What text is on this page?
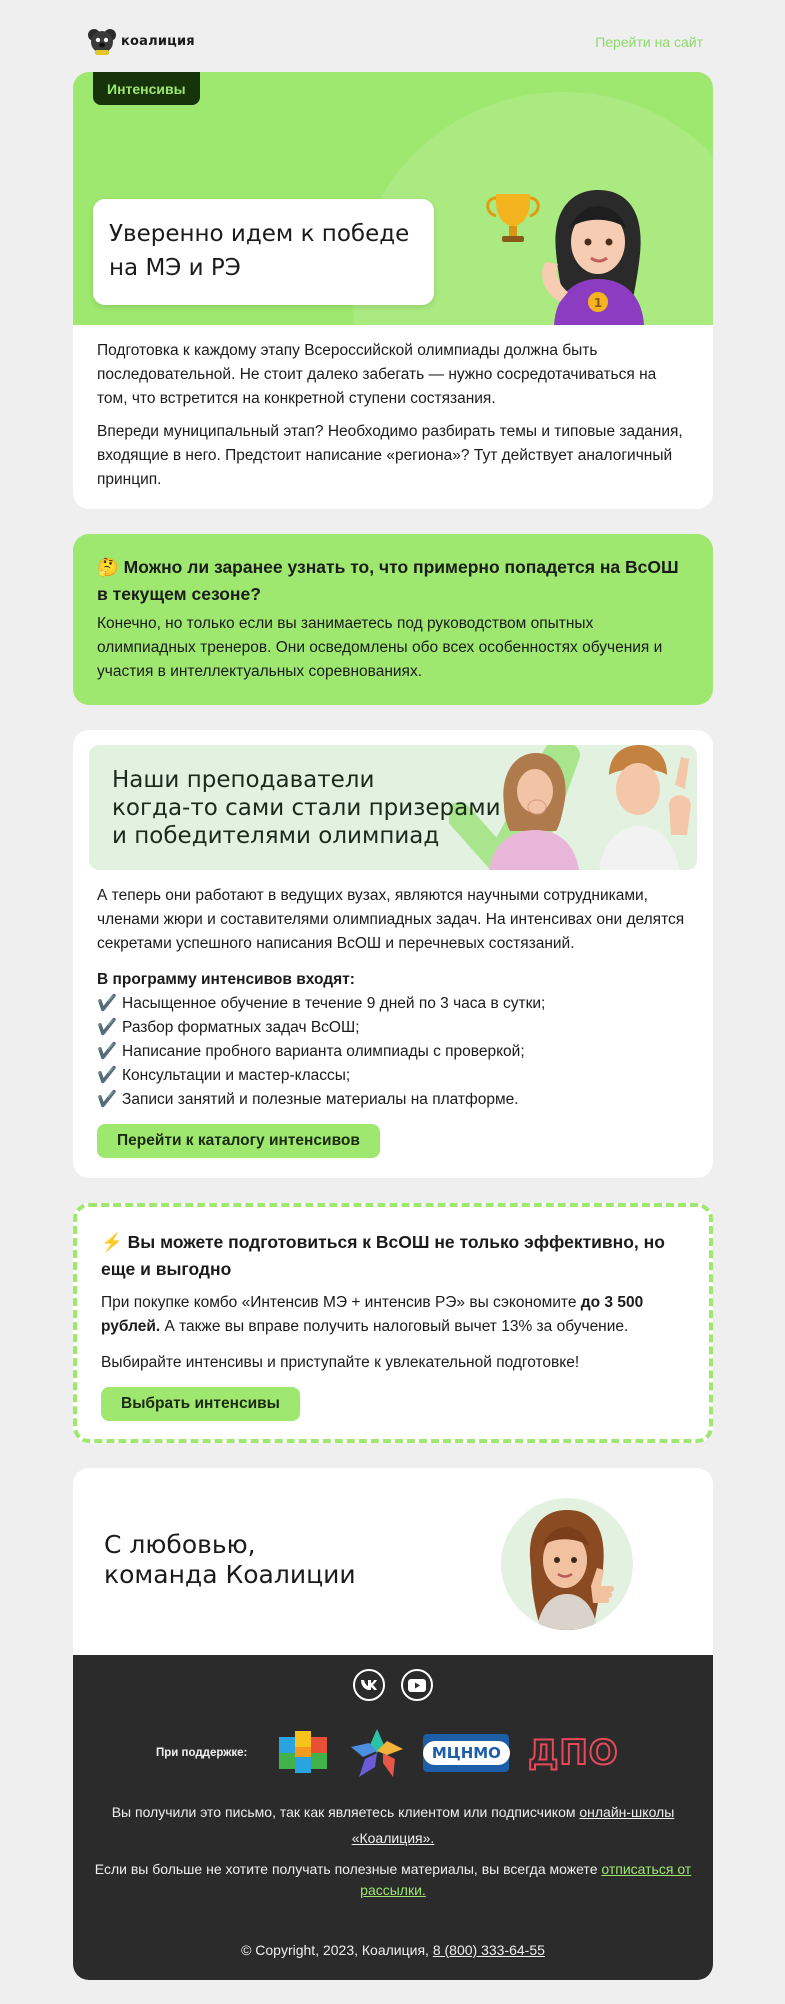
коалиция	Перейти на сайт
Интенсивы
Уверенно идем к победе
на МЭ и РЭ
1
Подготовка к каждому этапу Всероссийской олимпиады должна быть последовательной. Не стоит далеко забегать — нужно сосредотачиваться на том, что встретится на конкретной ступени состязания.
Впереди муниципальный этап? Необходимо разбирать темы и типовые задания, входящие в него. Предстоит написание «региона»? Тут действует аналогичный принцип.
🤔 Можно ли заранее узнать то, что примерно попадется на ВсОШ в текущем сезоне?
Конечно, но только если вы занимаетесь под руководством опытных олимпиадных тренеров. Они осведомлены обо всех особенностях обучения и участия в интеллектуальных соревнованиях.
Наши преподаватели
когда-то сами стали призерами
и победителями олимпиад
А теперь они работают в ведущих вузах, являются научными сотрудниками, членами жюри и составителями олимпиадных задач. На интенсивах они делятся секретами успешного написания ВсОШ и перечневых состязаний.
В программу интенсивов входят:
✔️ Насыщенное обучение в течение 9 дней по 3 часа в сутки;
✔️ Разбор форматных задач ВсОШ;
✔️ Написание пробного варианта олимпиады с проверкой;
✔️ Консультации и мастер-классы;
✔️ Записи занятий и полезные материалы на платформе.
Перейти к каталогу интенсивов
⚡ Вы можете подготовиться к ВсОШ не только эффективно, но еще и выгодно
При покупке комбо «Интенсив МЭ + интенсив РЭ» вы сэкономите до 3 500 рублей. А также вы вправе получить налоговый вычет 13% за обучение.
Выбирайте интенсивы и приступайте к увлекательной подготовке!
Выбрать интенсивы
С любовью,
команда Коалиции
При поддержке:	МЦНМО ДПО
Вы получили это письмо, так как являетесь клиентом или подписчиком онлайн-школы «Коалиция».
Если вы больше не хотите получать полезные материалы, вы всегда можете отписаться от рассылки.
© Copyright, 2023, Коалиция, 8 (800) 333-64-55
